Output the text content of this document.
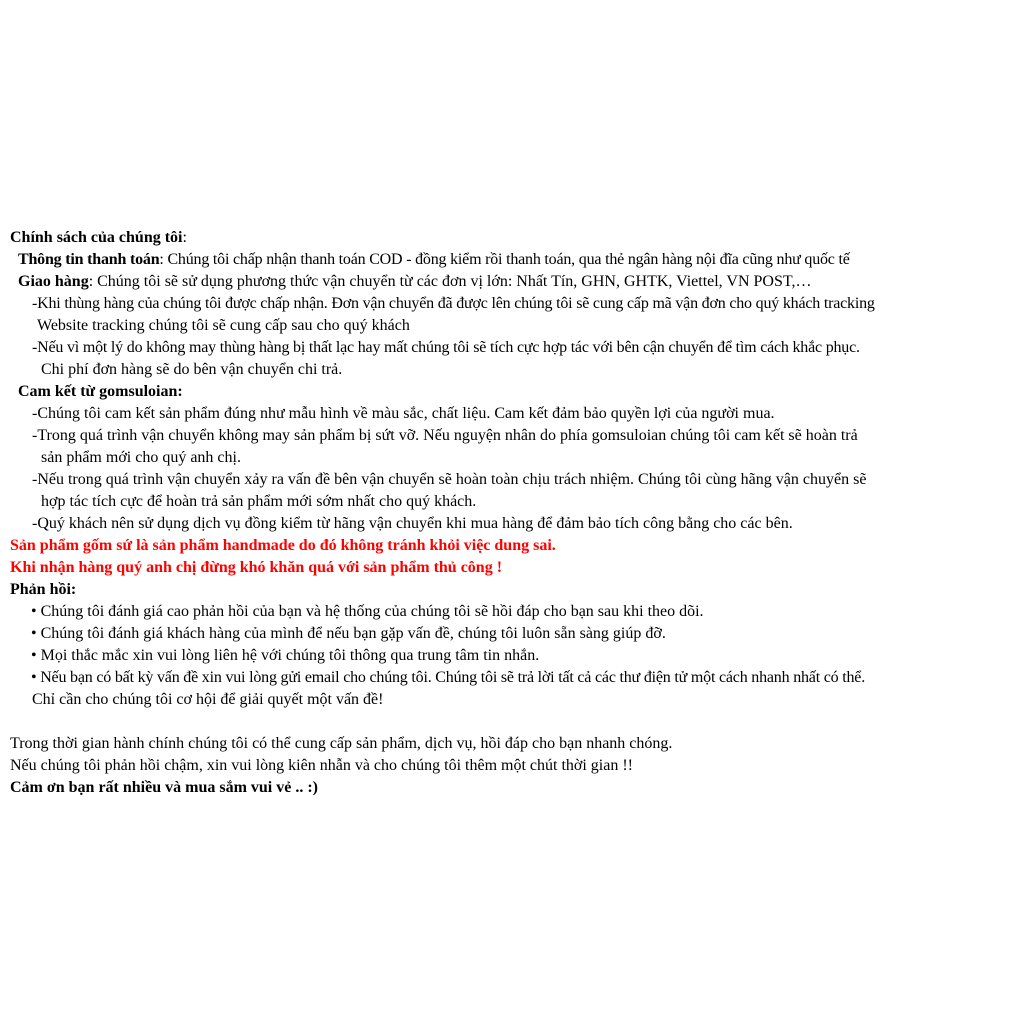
Chính sách của chúng tôi:
Thông tin thanh toán: Chúng tôi chấp nhận thanh toán COD - đồng kiểm rồi thanh toán, qua thẻ ngân hàng nội đĩa cũng như quốc tế
Giao hàng: Chúng tôi sẽ sử dụng phương thức vận chuyển từ các đơn vị lớn: Nhất Tín, GHN, GHTK, Viettel, VN POST,…
-Khi thùng hàng của chúng tôi được chấp nhận. Đơn vận chuyển đã được lên chúng tôi sẽ cung cấp mã vận đơn cho quý khách tracking
Website tracking chúng tôi sẽ cung cấp sau cho quý khách
-Nếu vì một lý do không may thùng hàng bị thất lạc hay mất chúng tôi sẽ tích cực hợp tác với bên cận chuyển để tìm cách khắc phục.
Chi phí đơn hàng sẽ do bên vận chuyển chi trả.
Cam kết từ gomsuloian:
-Chúng tôi cam kết sản phẩm đúng như mẫu hình về màu sắc, chất liệu. Cam kết đảm bảo quyền lợi của người mua.
-Trong quá trình vận chuyển không may sản phẩm bị sứt vỡ. Nếu nguyện nhân do phía gomsuloian chúng tôi cam kết sẽ hoàn trả
sản phẩm mới cho quý anh chị.
-Nếu trong quá trình vận chuyển xảy ra vấn đề bên vận chuyển sẽ hoàn toàn chịu trách nhiệm. Chúng tôi cùng hãng vận chuyển sẽ
hợp tác tích cực để hoàn trả sản phẩm mới sớm nhất cho quý khách.
-Quý khách nên sử dụng dịch vụ đồng kiểm từ hãng vận chuyển khi mua hàng để đảm bảo tích công bằng cho các bên.
Sản phẩm gốm sứ là sản phẩm handmade do đó không tránh khỏi việc dung sai.
Khi nhận hàng quý anh chị đừng khó khăn quá với sản phẩm thủ công !
Phản hồi:
• Chúng tôi đánh giá cao phản hồi của bạn và hệ thống của chúng tôi sẽ hồi đáp cho bạn sau khi theo dõi.
• Chúng tôi đánh giá khách hàng của mình để nếu bạn gặp vấn đề, chúng tôi luôn sẵn sàng giúp đỡ.
• Mọi thắc mắc xin vui lòng liên hệ với chúng tôi thông qua trung tâm tin nhắn.
• Nếu bạn có bất kỳ vấn đề xin vui lòng gửi email cho chúng tôi. Chúng tôi sẽ trả lời tất cả các thư điện tử một cách nhanh nhất có thể.
Chỉ cần cho chúng tôi cơ hội để giải quyết một vấn đề!
Trong thời gian hành chính chúng tôi có thể cung cấp sản phẩm, dịch vụ, hồi đáp cho bạn nhanh chóng.
Nếu chúng tôi phản hồi chậm, xin vui lòng kiên nhẫn và cho chúng tôi thêm một chút thời gian !!
Cảm ơn bạn rất nhiều và mua sắm vui vẻ .. :)
